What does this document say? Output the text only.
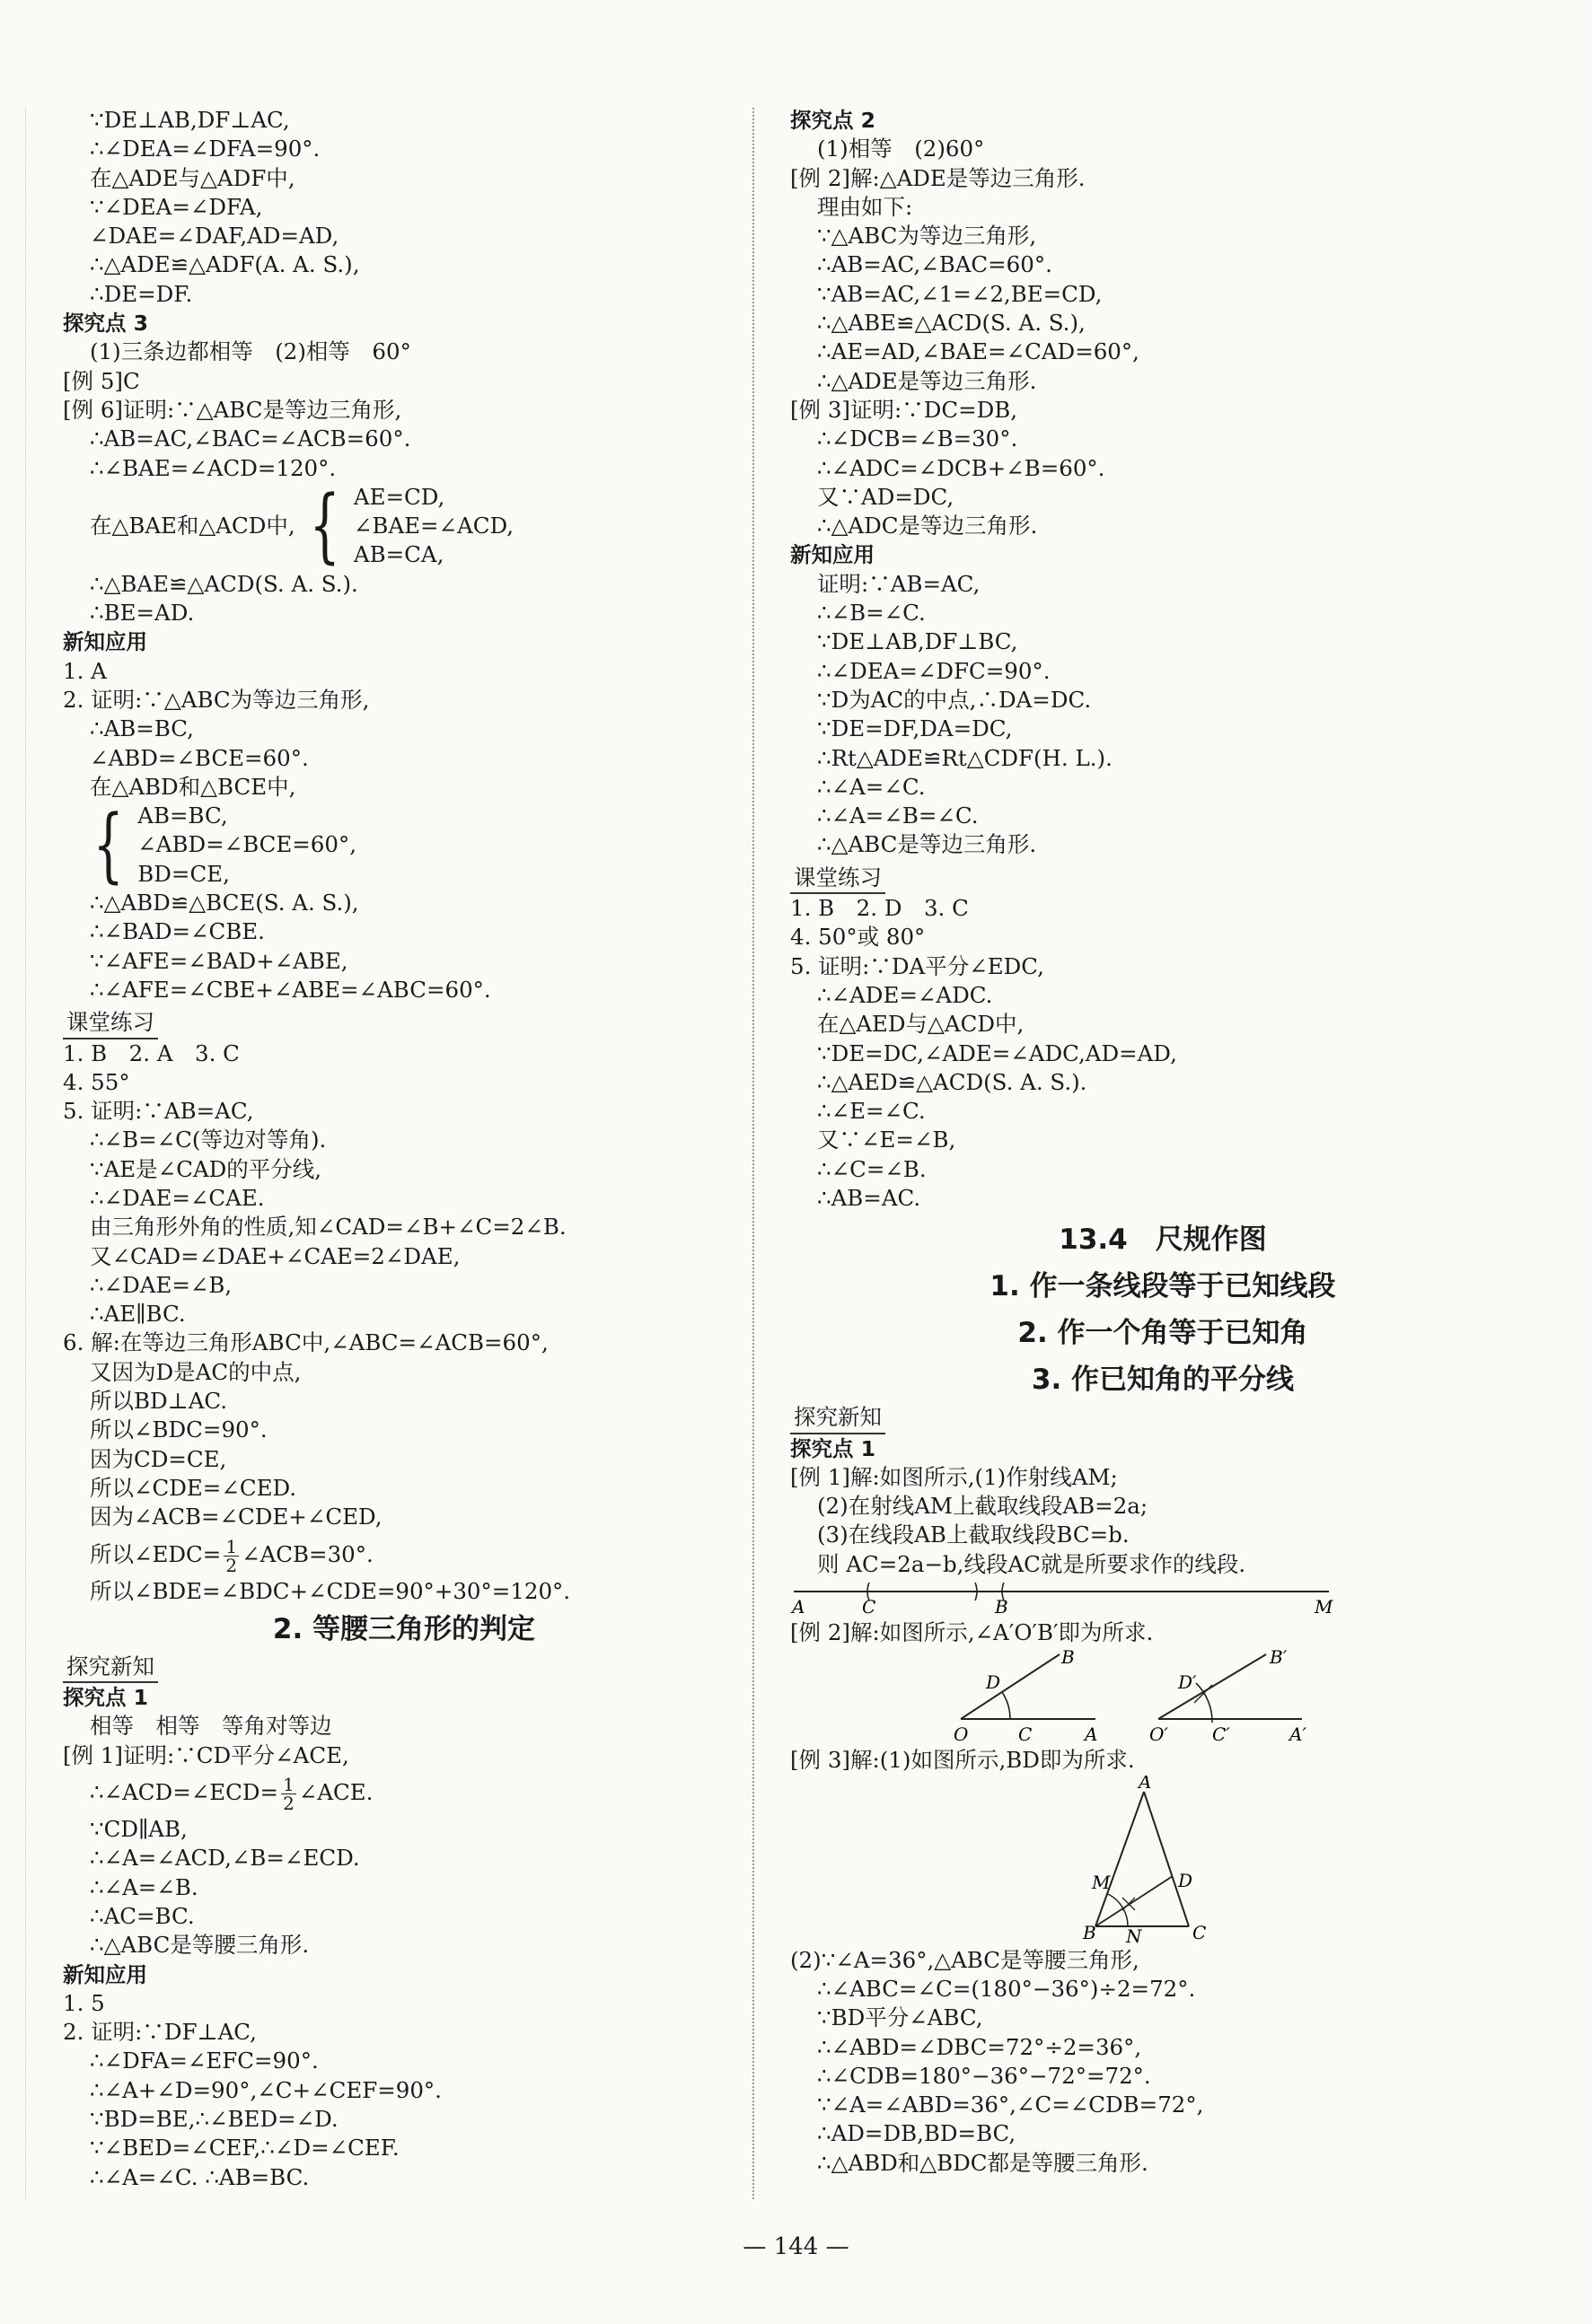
∵DE⊥AB,DF⊥AC,
∴∠DEA=∠DFA=90°.
在△ADE与△ADF中,
∵∠DEA=∠DFA,
∠DAE=∠DAF,AD=AD,
∴△ADE≌△ADF(A. A. S.),
∴DE=DF.
探究点 3
(1)三条边都相等　(2)相等　60°
[例 5]C
[例 6]证明:∵△ABC是等边三角形,
∴AB=AC,∠BAC=∠ACB=60°.
∴∠BAE=∠ACD=120°.
在△BAE和△ACD中, { AE=CD,
∠BAE=∠ACD,
AB=CA,
∴△BAE≌△ACD(S. A. S.).
∴BE=AD.
新知应用
1. A
2. 证明:∵△ABC为等边三角形,
∴AB=BC,
∠ABD=∠BCE=60°.
在△ABD和△BCE中,
{ AB=BC,
∠ABD=∠BCE=60°,
BD=CE,
∴△ABD≌△BCE(S. A. S.),
∴∠BAD=∠CBE.
∵∠AFE=∠BAD+∠ABE,
∴∠AFE=∠CBE+∠ABE=∠ABC=60°.
课堂练习
1. B　2. A　3. C
4. 55°
5. 证明:∵AB=AC,
∴∠B=∠C(等边对等角).
∵AE是∠CAD的平分线,
∴∠DAE=∠CAE.
由三角形外角的性质,知∠CAD=∠B+∠C=2∠B.
又∠CAD=∠DAE+∠CAE=2∠DAE,
∴∠DAE=∠B,
∴AE∥BC.
6. 解:在等边三角形ABC中,∠ABC=∠ACB=60°,
又因为D是AC的中点,
所以BD⊥AC.
所以∠BDC=90°.
因为CD=CE,
所以∠CDE=∠CED.
因为∠ACB=∠CDE+∠CED,
所以∠EDC= $\frac{1}{2}$ ∠ACB=30°.
所以∠BDE=∠BDC+∠CDE=90°+30°=120°.
2. 等腰三角形的判定
探究新知
探究点 1
相等　相等　等角对等边
[例 1]证明:∵CD平分∠ACE,
∴∠ACD=∠ECD= $\frac{1}{2}$ ∠ACE.
∵CD∥AB,
∴∠A=∠ACD,∠B=∠ECD.
∴∠A=∠B.
∴AC=BC.
∴△ABC是等腰三角形.
新知应用
1. 5
2. 证明:∵DF⊥AC,
∴∠DFA=∠EFC=90°.
∴∠A+∠D=90°,∠C+∠CEF=90°.
∵BD=BE,∴∠BED=∠D.
∵∠BED=∠CEF,∴∠D=∠CEF.
∴∠A=∠C. ∴AB=BC.
探究点 2
(1)相等　(2)60°
[例 2]解:△ADE是等边三角形.
理由如下:
∵△ABC为等边三角形,
∴AB=AC,∠BAC=60°.
∵AB=AC,∠1=∠2,BE=CD,
∴△ABE≌△ACD(S. A. S.),
∴AE=AD,∠BAE=∠CAD=60°,
∴△ADE是等边三角形.
[例 3]证明:∵DC=DB,
∴∠DCB=∠B=30°.
∴∠ADC=∠DCB+∠B=60°.
又∵AD=DC,
∴△ADC是等边三角形.
新知应用
证明:∵AB=AC,
∴∠B=∠C.
∵DE⊥AB,DF⊥BC,
∴∠DEA=∠DFC=90°.
∵D为AC的中点,∴DA=DC.
∵DE=DF,DA=DC,
∴Rt△ADE≌Rt△CDF(H. L.).
∴∠A=∠C.
∴∠A=∠B=∠C.
∴△ABC是等边三角形.
课堂练习
1. B　2. D　3. C
4. 50°或 80°
5. 证明:∵DA平分∠EDC,
∴∠ADE=∠ADC.
在△AED与△ACD中,
∵DE=DC,∠ADE=∠ADC,AD=AD,
∴△AED≌△ACD(S. A. S.).
∴∠E=∠C.
又∵∠E=∠B,
∴∠C=∠B.
∴AB=AC.
13.4　尺规作图
1. 作一条线段等于已知线段
2. 作一个角等于已知角
3. 作已知角的平分线
探究新知
探究点 1
[例 1]解:如图所示,(1)作射线AM;
(2)在射线AM上截取线段AB=2a;
(3)在线段AB上截取线段BC=b.
则 AC=2a−b,线段AC就是所要求作的线段.
A	C	B	M
[例 2]解:如图所示,∠A′O′B′即为所求.
O	C	A
D
B
O′ C′	A′
D′
B′
[例 3]解:(1)如图所示,BD即为所求.
A
B	C
D
M
N
(2)∵∠A=36°,△ABC是等腰三角形,
∴∠ABC=∠C=(180°−36°)÷2=72°.
∵BD平分∠ABC,
∴∠ABD=∠DBC=72°÷2=36°,
∴∠CDB=180°−36°−72°=72°.
∵∠A=∠ABD=36°,∠C=∠CDB=72°,
∴AD=DB,BD=BC,
∴△ABD和△BDC都是等腰三角形.
— 144 —
